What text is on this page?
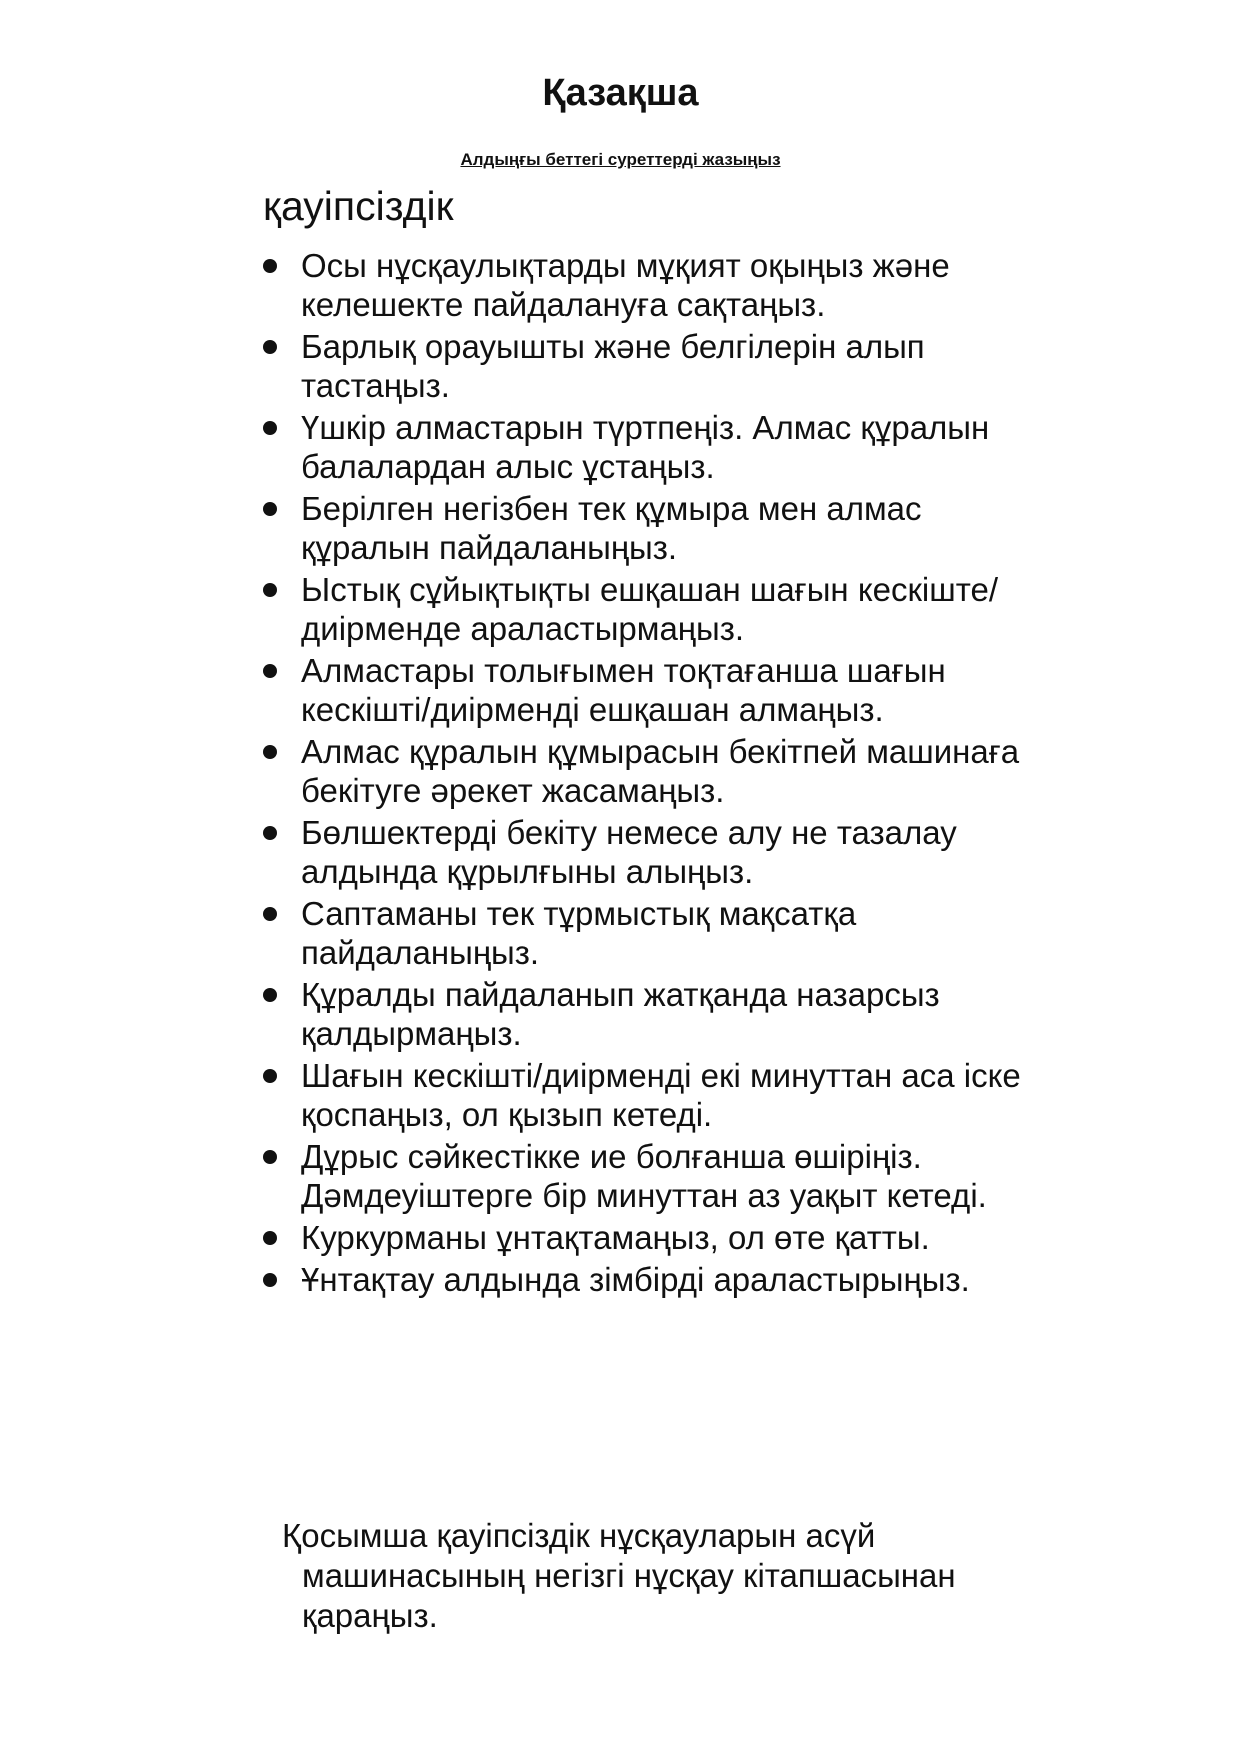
Қазақша

Алдыңғы беттегі суреттерді жазыңыз

қауіпсіздік
Осы нұсқаулықтарды мұқият оқыңыз және келешекте пайдалануға сақтаңыз.
Барлық орауышты және белгілерін алып тастаңыз.
Үшкір алмастарын түртпеңіз. Алмас құралын балалардан алыс ұстаңыз.
Берілген негізбен тек құмыра мен алмас құралын пайдаланыңыз.
Ыстық сұйықтықты ешқашан шағын кескіште/диірменде араластырмаңыз.
Алмастары толығымен тоқтағанша шағын кескішті/диірменді ешқашан алмаңыз.
Алмас құралын құмырасын бекітпей машинаға бекітуге әрекет жасамаңыз.
Бөлшектерді бекіту немесе алу не тазалау алдында құрылғыны алыңыз.
Саптаманы тек тұрмыстық мақсатқа пайдаланыңыз.
Құралды пайдаланып жатқанда назарсыз қалдырмаңыз.
Шағын кескішті/диірменді екі минуттан аса іске қоспаңыз, ол қызып кетеді.
Дұрыс сәйкестікке ие болғанша өшіріңіз. Дәмдеуіштерге бір минуттан аз уақыт кетеді.
Куркурманы ұнтақтамаңыз, ол өте қатты.
Ұнтақтау алдында зімбірді араластырыңыз.

Қосымша қауіпсіздік нұсқауларын асүй машинасының негізгі нұсқау кітапшасынан қараңыз.
